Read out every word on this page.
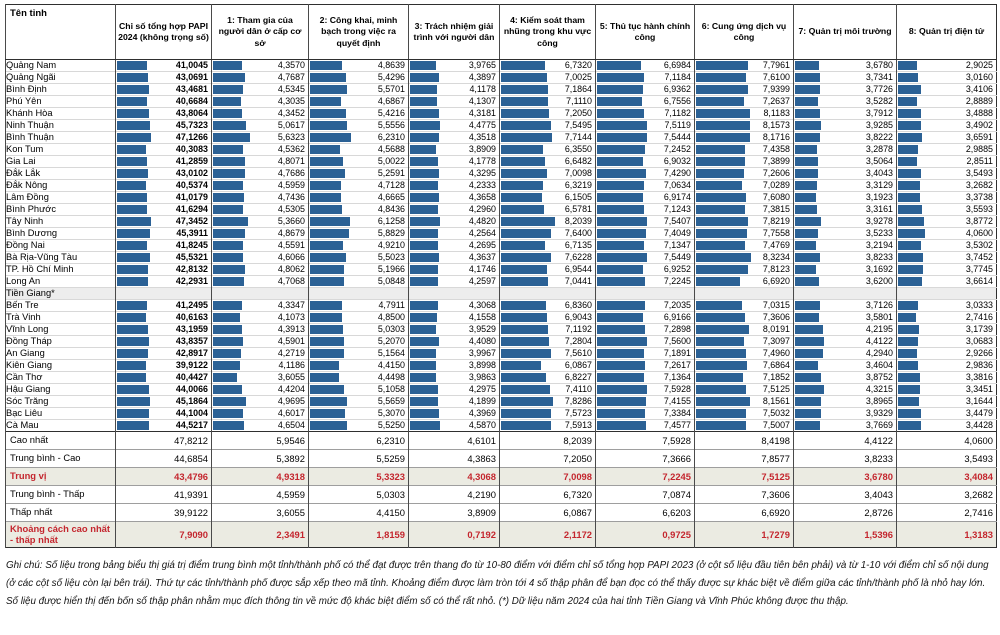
Tên tỉnh	Chỉ số tổng hợp PAPI 2024 (không trọng số)	1: Tham gia của người dân ở cấp cơ sở	2: Công khai, minh bạch trong việc ra quyết định	3: Trách nhiệm giải trình với người dân	4: Kiểm soát tham nhũng trong khu vực công	5: Thủ tục hành chính công	6: Cung ứng dịch vụ công	7: Quản trị môi trường	8: Quản trị điện tử
Quảng Nam	41,0045	4,3570	4,8639	3,9765	6,7320	6,6984	7,7961	3,6780	2,9025

Quảng Ngãi	43,0691	4,7687	5,4296	4,3897	7,0025	7,1184	7,6100	3,7341	3,0160

Bình Định	43,4681	4,5345	5,5701	4,1178	7,1864	6,9362	7,9399	3,7726	3,4106

Phú Yên	40,6684	4,3035	4,6867	4,1307	7,1110	6,7556	7,2637	3,5282	2,8889

Khánh Hòa	43,8064	4,3452	5,4216	4,3181	7,2050	7,1182	8,1183	3,7912	3,4888

Ninh Thuận	45,7323	5,0617	5,5556	4,4775	7,5495	7,5119	8,1573	3,9285	3,4902

Bình Thuận	47,1266	5,6323	6,2310	4,3518	7,7144	7,5444	8,1716	3,8222	3,6591

Kon Tum	40,3083	4,5362	4,5688	3,8909	6,3550	7,2452	7,4358	3,2878	2,9885

Gia Lai	41,2859	4,8071	5,0022	4,1778	6,6482	6,9032	7,3899	3,5064	2,8511

Đắk Lắk	43,0102	4,7686	5,2591	4,3295	7,0098	7,4290	7,2606	3,4043	3,5493

Đắk Nông	40,5374	4,5959	4,7128	4,2333	6,3219	7,0634	7,0289	3,3129	3,2682

Lâm Đồng	41,0179	4,7436	4,6665	4,3658	6,1505	6,9174	7,6080	3,1923	3,3738

Bình Phước	41,6294	4,5305	4,8436	4,2960	6,5781	7,1243	7,3815	3,3161	3,5593

Tây Ninh	47,3452	5,3660	6,1258	4,4820	8,2039	7,5407	7,8219	3,9278	3,8772

Bình Dương	45,3911	4,8679	5,8829	4,2564	7,6400	7,4049	7,7558	3,5233	4,0600

Đồng Nai	41,8245	4,5591	4,9210	4,2695	6,7135	7,1347	7,4769	3,2194	3,5302

Bà Rịa-Vũng Tàu	45,5321	4,6066	5,5023	4,3637	7,6228	7,5449	8,3234	3,8233	3,7452

TP. Hồ Chí Minh	42,8132	4,8062	5,1966	4,1746	6,9544	6,9252	7,8123	3,1692	3,7745

Long An	42,2931	4,7068	5,0848	4,2597	7,0441	7,2245	6,6920	3,6200	3,6614

Tiền Giang*									
Bến Tre	41,2495	4,3347	4,7911	4,3068	6,8360	7,2035	7,0315	3,7126	3,0333

Trà Vinh	40,6163	4,1073	4,8500	4,1558	6,9043	6,9166	7,3606	3,5801	2,7416

Vĩnh Long	43,1959	4,3913	5,0303	3,9529	7,1192	7,2898	8,0191	4,2195	3,1739

Đồng Tháp	43,8357	4,5901	5,2070	4,4080	7,2804	7,5600	7,3097	4,4122	3,0683

An Giang	42,8917	4,2719	5,1564	3,9967	7,5610	7,1891	7,4960	4,2940	2,9266

Kiên Giang	39,9122	4,1186	4,4150	3,8998	6,0867	7,2617	7,6864	3,4604	2,9836

Cần Thơ	40,4427	3,6055	4,4498	3,9863	6,8227	7,1364	7,1852	3,8752	3,3816

Hậu Giang	44,0066	4,4204	5,1058	4,2975	7,4110	7,5928	7,5125	4,3215	3,3451

Sóc Trăng	45,1864	4,9695	5,5659	4,1899	7,8286	7,4155	8,1561	3,8965	3,1644

Bạc Liêu	44,1004	4,6017	5,3070	4,3969	7,5723	7,3384	7,5032	3,9329	3,4479

Cà Mau	44,5217	4,6504	5,5250	4,5870	7,5913	7,4577	7,5007	3,7669	3,4428

Cao nhất	47,8212	5,9546	6,2310	4,6101	8,2039	7,5928	8,4198	4,4122	4,0600

Trung bình - Cao	44,6854	5,3892	5,5259	4,3863	7,2050	7,3666	7,8577	3,8233	3,5493

Trung vị	43,4796	4,9318	5,3323	4,3068	7,0098	7,2245	7,5125	3,6780	3,4084

Trung bình - Thấp	41,9391	4,5959	5,0303	4,2190	6,7320	7,0874	7,3606	3,4043	3,2682

Thấp nhất	39,9122	3,6055	4,4150	3,8909	6,0867	6,6203	6,6920	2,8726	2,7416

Khoảng cách cao nhất - thấp nhất	7,9090	2,3491	1,8159	0,7192	2,1172	0,9725	1,7279	1,5396	1,3183
Ghi chú: Số liệu trong bảng biểu thị giá trị điểm trung bình một tỉnh/thành phố có thể đạt được trên thang đo từ 10-80 điểm với điểm chỉ số tổng hợp PAPI 2023 (ở cột số liệu đầu tiên bên phải) và từ 1-10 với điểm chỉ số nội dung (ở các cột số liệu còn lại bên trái). Thứ tự các tỉnh/thành phố được sắp xếp theo mã tỉnh. Khoảng điểm được làm tròn tới 4 số thập phân để bạn đọc có thể thấy được sự khác biệt về điểm giữa các tỉnh/thành phố là nhỏ hay lớn. Số liệu được hiển thị đến bốn số thập phân nhằm mục đích thông tin về mức độ khác biệt điểm số có thể rất nhỏ. (*) Dữ liệu năm 2024 của hai tỉnh Tiền Giang và Vĩnh Phúc không được thu thập.
